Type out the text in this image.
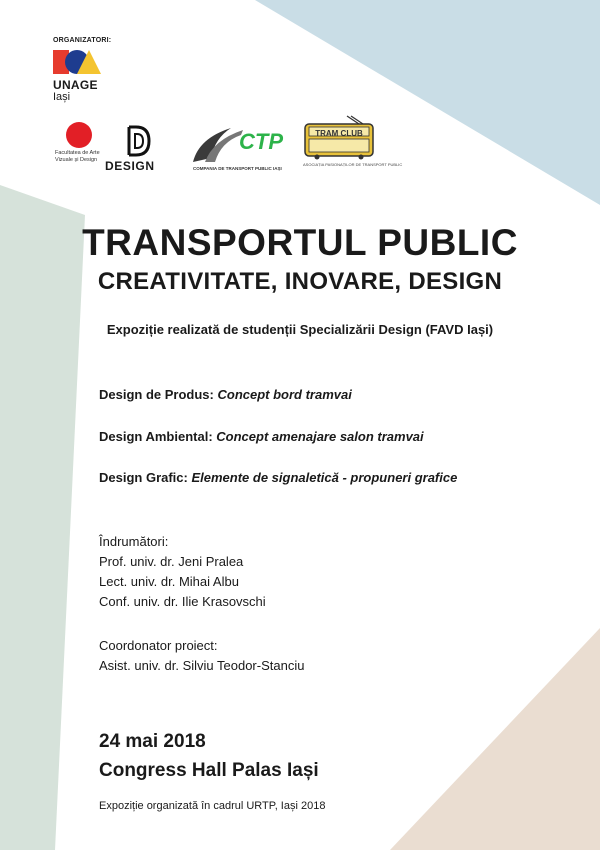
ORGANIZATORI:
UNAGE
Iași
Facultatea de Arte Vizuale și Design DESIGN
CTP
COMPANIA DE TRANSPORT PUBLIC IAȘI
TRAM CLUB
ASOCIAȚIA PASIONAȚILOR DE TRANSPORT PUBLIC
TRANSPORTUL PUBLIC
CREATIVITATE, INOVARE, DESIGN
Expoziție realizată de studenții Specializării Design (FAVD Iași)
Design de Produs: Concept bord tramvai
Design Ambiental: Concept amenajare salon tramvai
Design Grafic: Elemente de signaletică - propuneri grafice
Îndrumători:
Prof. univ. dr. Jeni Pralea
Lect. univ. dr. Mihai Albu
Conf. univ. dr. Ilie Krasovschi
Coordonator proiect:
Asist. univ. dr. Silviu Teodor-Stanciu
24 mai 2018
Congress Hall Palas Iași
Expoziție organizată în cadrul URTP, Iași 2018
